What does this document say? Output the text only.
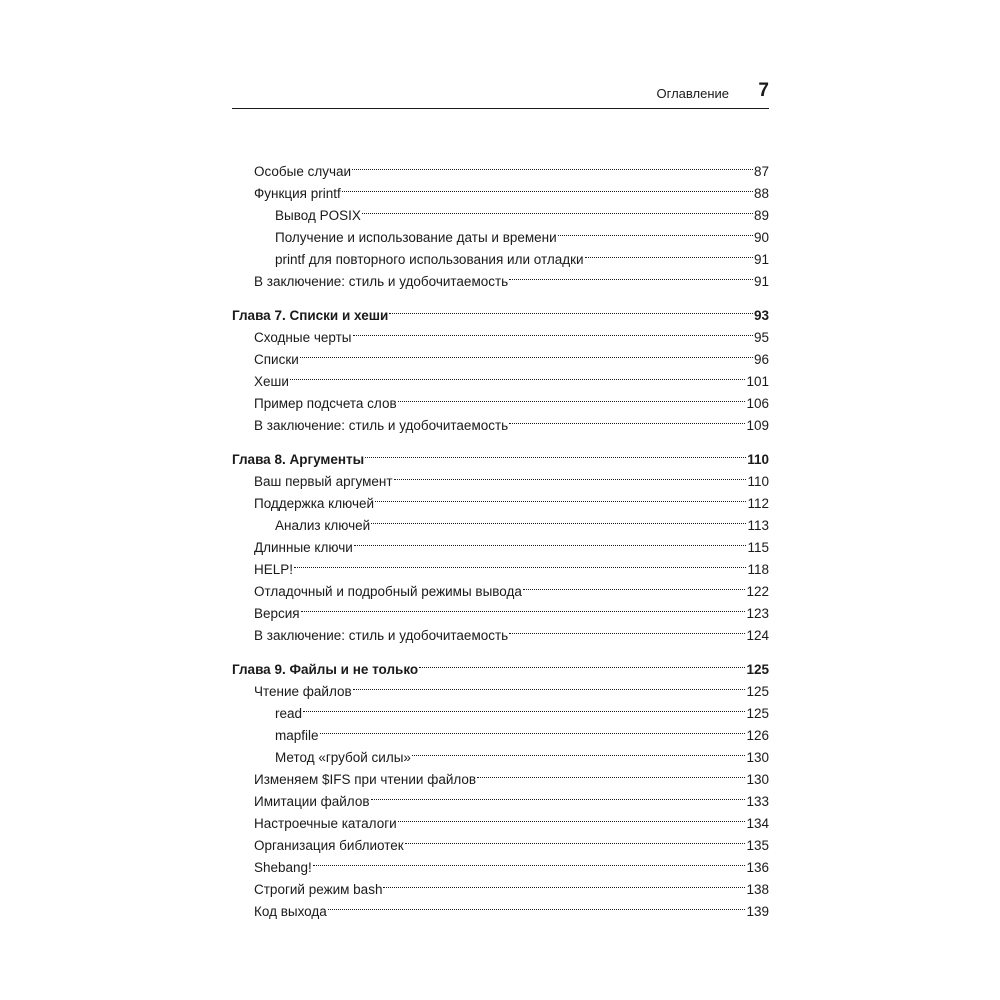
Оглавление 7
Особые случаи	87
Функция printf	88
Вывод POSIX	89
Получение и использование даты и времени	90
printf для повторного использования или отладки	91
В заключение: стиль и удобочитаемость	91
Глава 7. Списки и хеши	93
Сходные черты	95
Списки	96
Хеши	101
Пример подсчета слов	106
В заключение: стиль и удобочитаемость	109
Глава 8. Аргументы	110
Ваш первый аргумент	110
Поддержка ключей	112
Анализ ключей	113
Длинные ключи	115
HELP!	118
Отладочный и подробный режимы вывода	122
Версия	123
В заключение: стиль и удобочитаемость	124
Глава 9. Файлы и не только	125
Чтение файлов	125
read	125
mapfile	126
Метод «грубой силы»	130
Изменяем $IFS при чтении файлов	130
Имитации файлов	133
Настроечные каталоги	134
Организация библиотек	135
Shebang!	136
Строгий режим bash	138
Код выхода	139
